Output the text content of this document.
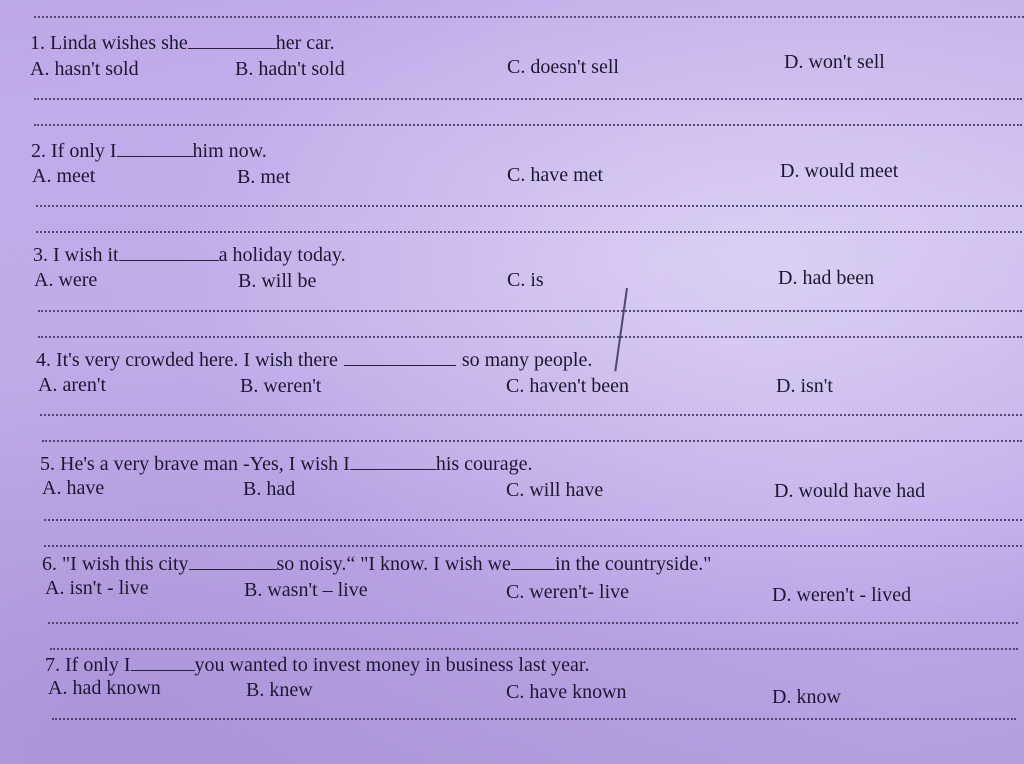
1. Linda wishes she	her car.
A. hasn't sold	B. hadn't sold	C. doesn't sell	D. won't sell
2. If only I	him now.
A. meet	B. met	C. have met	D. would meet
3. I wish it	a holiday today.
A. were	B. will be	C. is	D. had been
4. It's very crowded here. I wish there	so many people.
A. aren't	B. weren't	C. haven't been	D. isn't
5. He's a very brave man -Yes, I wish I	his courage.
A. have	B. had	C. will have	D. would have had
6. "I wish this city	so noisy.“ "I know. I wish we in the countryside."
A. isn't - live	B. wasn't – live	C. weren't- live	D. weren't - lived
7. If only I	you wanted to invest money in business last year.
A. had known	B. knew	C. have known	D. know
